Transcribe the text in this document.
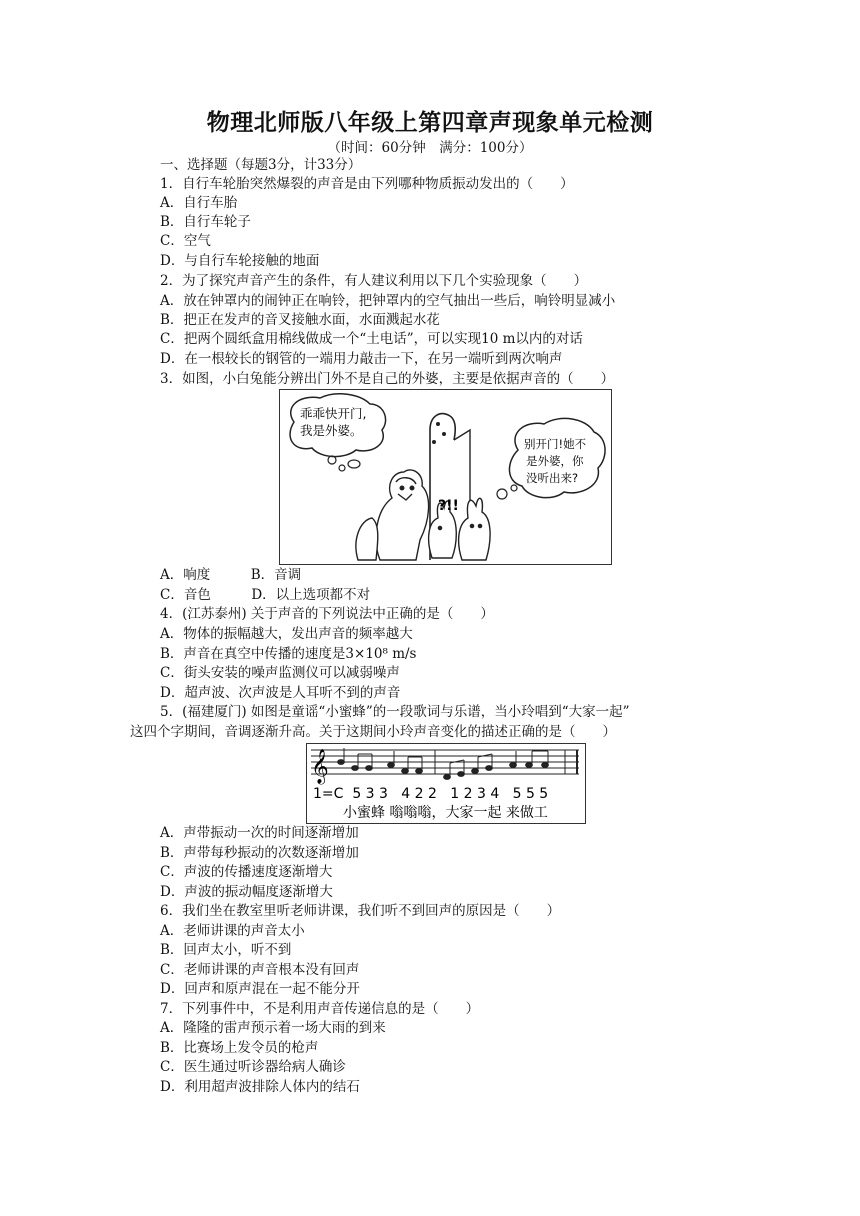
物理北师版八年级上第四章声现象单元检测
（时间：60分钟　满分：100分）
一、选择题（每题3分，计33分）
1．自行车轮胎突然爆裂的声音是由下列哪种物质振动发出的（　　）
A．自行车胎
B．自行车轮子
C．空气
D．与自行车轮接触的地面
2．为了探究声音产生的条件，有人建议利用以下几个实验现象（　　）
A．放在钟罩内的闹钟正在响铃，把钟罩内的空气抽出一些后，响铃明显减小
B．把正在发声的音叉接触水面，水面溅起水花
C．把两个圆纸盒用棉线做成一个“土电话”，可以实现10 m以内的对话
D．在一根较长的钢管的一端用力敲击一下，在另一端听到两次响声
3．如图，小白兔能分辨出门外不是自己的外婆，主要是依据声音的（　　）
乖乖快开门,
我是外婆。
别开门!她不
是外婆，你
没听出来?
?!!
A．响度　　　B．音调
C．音色　　　D．以上选项都不对
4．(江苏泰州) 关于声音的下列说法中正确的是（　　）
A．物体的振幅越大，发出声音的频率越大
B．声音在真空中传播的速度是3×10⁸ m/s
C．街头安装的噪声监测仪可以减弱噪声
D．超声波、次声波是人耳听不到的声音
5．(福建厦门) 如图是童谣“小蜜蜂”的一段歌词与乐谱，当小玲唱到“大家一起”
这四个字期间，音调逐渐升高。关于这期间小玲声音变化的描述正确的是（　　）
𝄞
1=C  5 3 3   4 2 2   1 2 3 4   5 5 5
小蜜蜂 嗡嗡嗡，大家一起 来做工
A．声带振动一次的时间逐渐增加
B．声带每秒振动的次数逐渐增加
C．声波的传播速度逐渐增大
D．声波的振动幅度逐渐增大
6．我们坐在教室里听老师讲课，我们听不到回声的原因是（　　）
A．老师讲课的声音太小
B．回声太小，听不到
C．老师讲课的声音根本没有回声
D．回声和原声混在一起不能分开
7．下列事件中，不是利用声音传递信息的是（　　）
A．隆隆的雷声预示着一场大雨的到来
B．比赛场上发令员的枪声
C．医生通过听诊器给病人确诊
D．利用超声波排除人体内的结石
